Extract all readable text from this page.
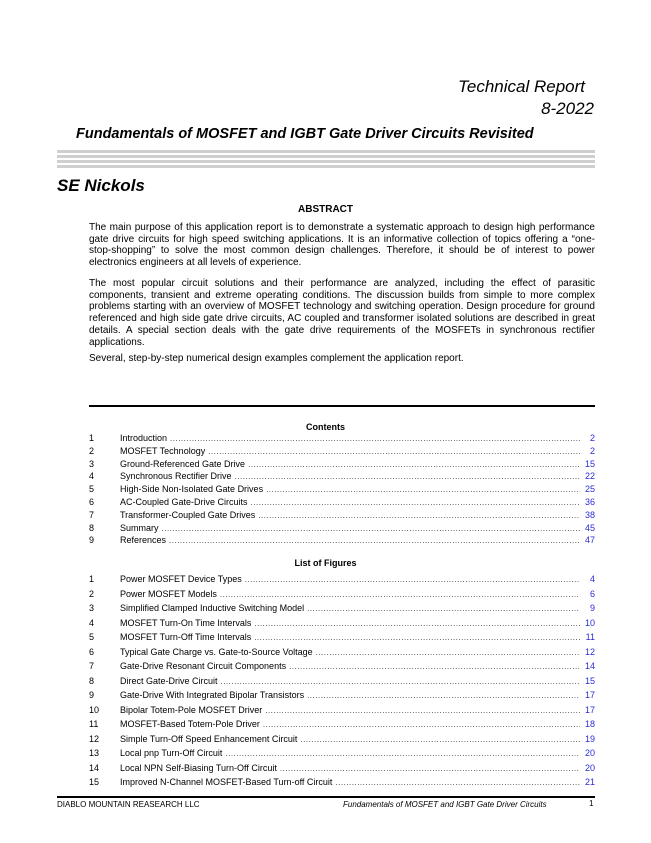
Technical Report
8-2022
Fundamentals of MOSFET and IGBT Gate Driver Circuits Revisited
SE Nickols
ABSTRACT
The main purpose of this application report is to demonstrate a systematic approach to design high performance gate drive circuits for high speed switching applications. It is an informative collection of topics offering a “one-stop-shopping” to solve the most common design challenges. Therefore, it should be of interest to power electronics engineers at all levels of experience.
The most popular circuit solutions and their performance are analyzed, including the effect of parasitic components, transient and extreme operating conditions. The discussion builds from simple to more complex problems starting with an overview of MOSFET technology and switching operation. Design procedure for ground referenced and high side gate drive circuits, AC coupled and transformer isolated solutions are described in great details. A special section deals with the gate drive requirements of the MOSFETs in synchronous rectifier applications.
Several, step-by-step numerical design examples complement the application report.
Contents
1	Introduction .....	2
2	MOSFET Technology .....	2
3	Ground-Referenced Gate Drive .....	15
4	Synchronous Rectifier Drive .....	22
5	High-Side Non-Isolated Gate Drives .....	25
6	AC-Coupled Gate-Drive Circuits .....	36
7	Transformer-Coupled Gate Drives .....	38
8	Summary .....	45
9	References .....	47
List of Figures
1	Power MOSFET Device Types .....	4
2	Power MOSFET Models .....	6
3	Simplified Clamped Inductive Switching Model .....	9
4	MOSFET Turn-On Time Intervals .....	10
5	MOSFET Turn-Off Time Intervals .....	11
6	Typical Gate Charge vs. Gate-to-Source Voltage .....	12
7	Gate-Drive Resonant Circuit Components .....	14
8	Direct Gate-Drive Circuit .....	15
9	Gate-Drive With Integrated Bipolar Transistors .....	17
10	Bipolar Totem-Pole MOSFET Driver .....	17
11	MOSFET-Based Totem-Pole Driver .....	18
12	Simple Turn-Off Speed Enhancement Circuit .....	19
13	Local pnp Turn-Off Circuit .....	20
14	Local NPN Self-Biasing Turn-Off Circuit .....	20
15	Improved N-Channel MOSFET-Based Turn-off Circuit .....	21
DIABLO MOUNTAIN REASEARCH LLC	Fundamentals of MOSFET and IGBT Gate Driver Circuits	1
